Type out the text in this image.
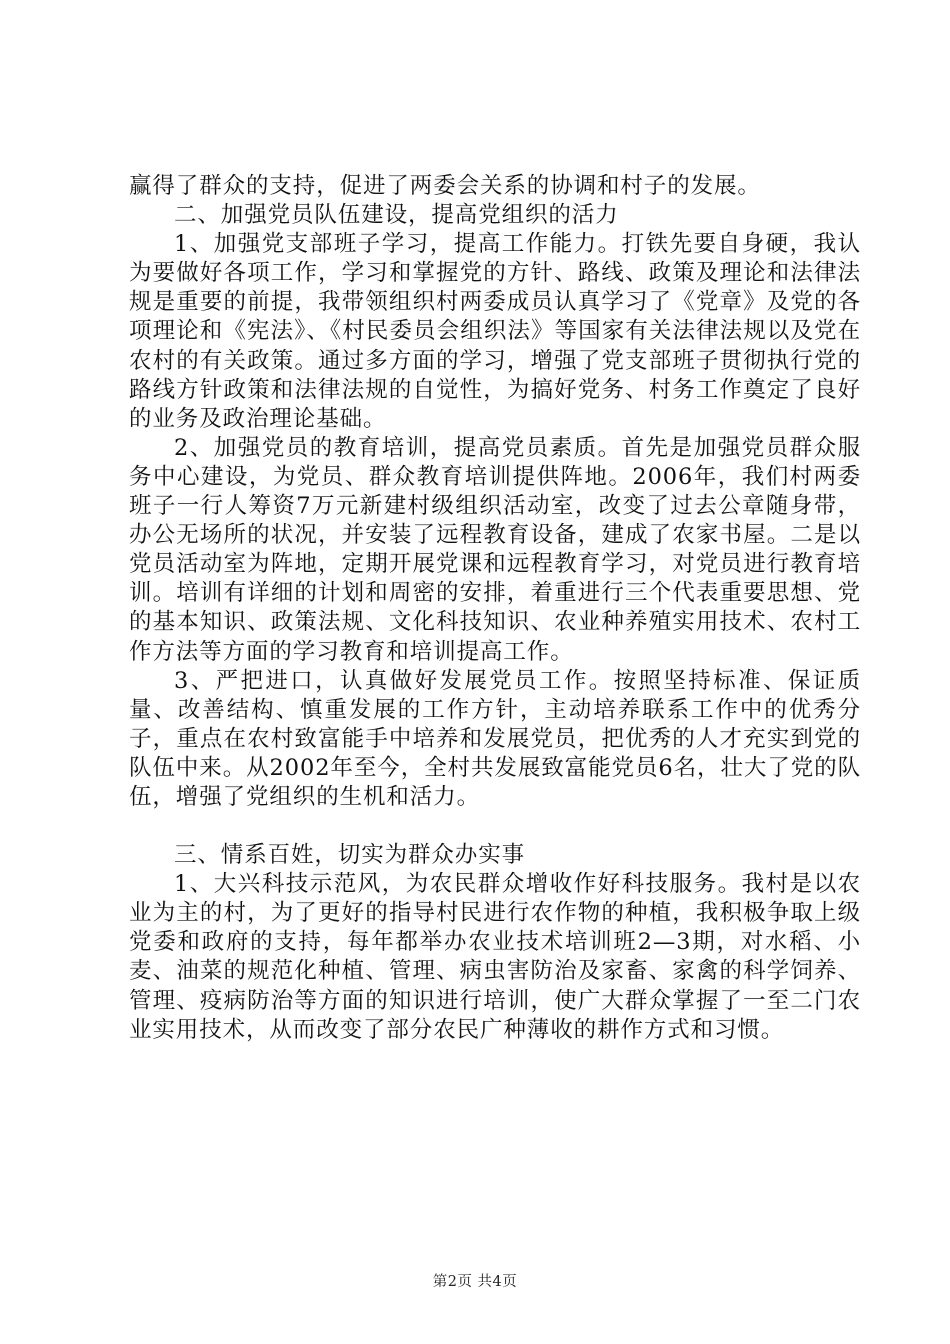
赢得了群众的支持，促进了两委会关系的协调和村子的发展。

二、加强党员队伍建设，提高党组织的活力

1、加强党支部班子学习，提高工作能力。打铁先要自身硬，我认为要做好各项工作，学习和掌握党的方针、路线、政策及理论和法律法规是重要的前提，我带领组织村两委成员认真学习了《党章》及党的各项理论和《宪法》、《村民委员会组织法》等国家有关法律法规以及党在农村的有关政策。通过多方面的学习，增强了党支部班子贯彻执行党的路线方针政策和法律法规的自觉性，为搞好党务、村务工作奠定了良好的业务及政治理论基础。

2、加强党员的教育培训，提高党员素质。首先是加强党员群众服务中心建设，为党员、群众教育培训提供阵地。2006年，我们村两委班子一行人筹资7万元新建村级组织活动室，改变了过去公章随身带，办公无场所的状况，并安装了远程教育设备，建成了农家书屋。二是以党员活动室为阵地，定期开展党课和远程教育学习，对党员进行教育培训。培训有详细的计划和周密的安排，着重进行三个代表重要思想、党的基本知识、政策法规、文化科技知识、农业种养殖实用技术、农村工作方法等方面的学习教育和培训提高工作。

3、严把进口，认真做好发展党员工作。按照坚持标准、保证质量、改善结构、慎重发展的工作方针，主动培养联系工作中的优秀分子，重点在农村致富能手中培养和发展党员，把优秀的人才充实到党的队伍中来。从2002年至今，全村共发展致富能党员6名，壮大了党的队伍，增强了党组织的生机和活力。

三、情系百姓，切实为群众办实事

1、大兴科技示范风，为农民群众增收作好科技服务。我村是以农业为主的村，为了更好的指导村民进行农作物的种植，我积极争取上级党委和政府的支持，每年都举办农业技术培训班2—3期，对水稻、小麦、油菜的规范化种植、管理、病虫害防治及家畜、家禽的科学饲养、管理、疫病防治等方面的知识进行培训，使广大群众掌握了一至二门农业实用技术，从而改变了部分农民广种薄收的耕作方式和习惯。

第2页 共4页
